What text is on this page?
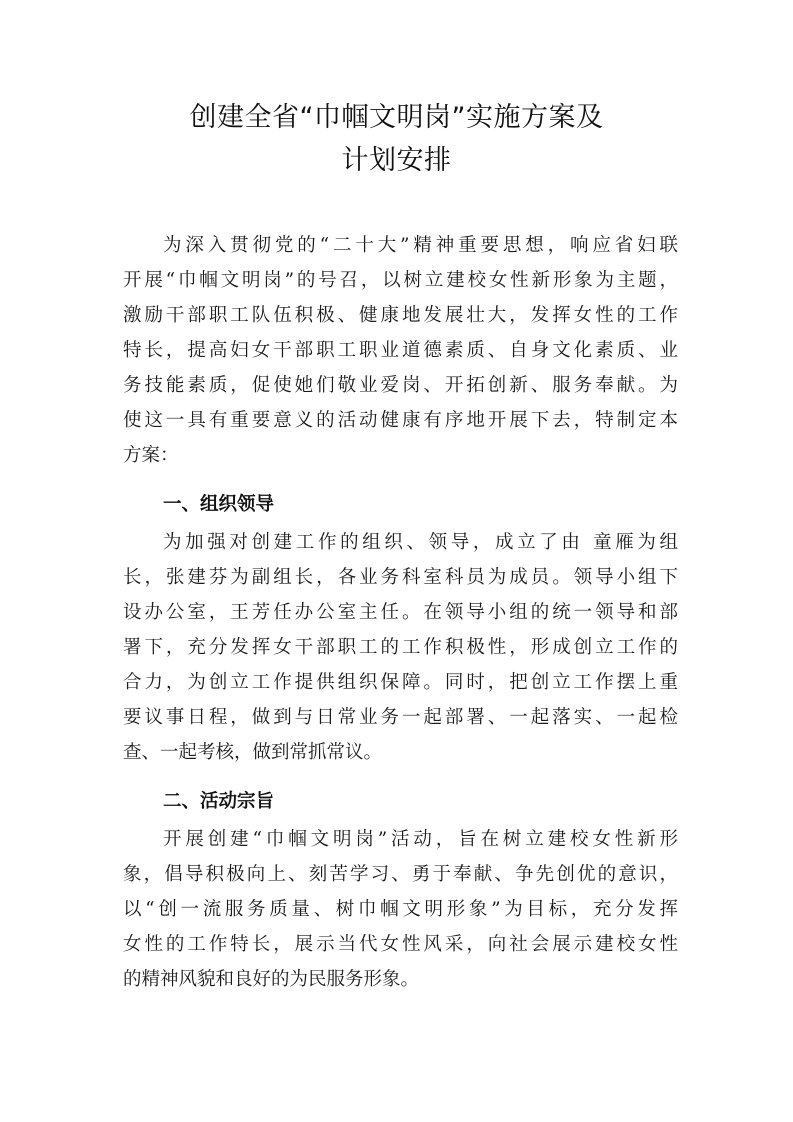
创建全省“巾帼文明岗”实施方案及
计划安排
为深入贯彻党的“二十大”精神重要思想，响应省妇联
开展“巾帼文明岗”的号召，以树立建校女性新形象为主题，
激励干部职工队伍积极、健康地发展壮大，发挥女性的工作
特长，提高妇女干部职工职业道德素质、自身文化素质、业
务技能素质，促使她们敬业爱岗、开拓创新、服务奉献。为
使这一具有重要意义的活动健康有序地开展下去，特制定本
方案：
一、组织领导
为加强对创建工作的组织、领导，成立了由 童雁为组
长，张建芬为副组长，各业务科室科员为成员。领导小组下
设办公室，王芳任办公室主任。在领导小组的统一领导和部
署下，充分发挥女干部职工的工作积极性，形成创立工作的
合力，为创立工作提供组织保障。同时，把创立工作摆上重
要议事日程，做到与日常业务一起部署、一起落实、一起检
查、一起考核，做到常抓常议。
二、活动宗旨
开展创建“巾帼文明岗”活动，旨在树立建校女性新形
象，倡导积极向上、刻苦学习、勇于奉献、争先创优的意识，
以“创一流服务质量、树巾帼文明形象”为目标，充分发挥
女性的工作特长，展示当代女性风采，向社会展示建校女性
的精神风貌和良好的为民服务形象。
